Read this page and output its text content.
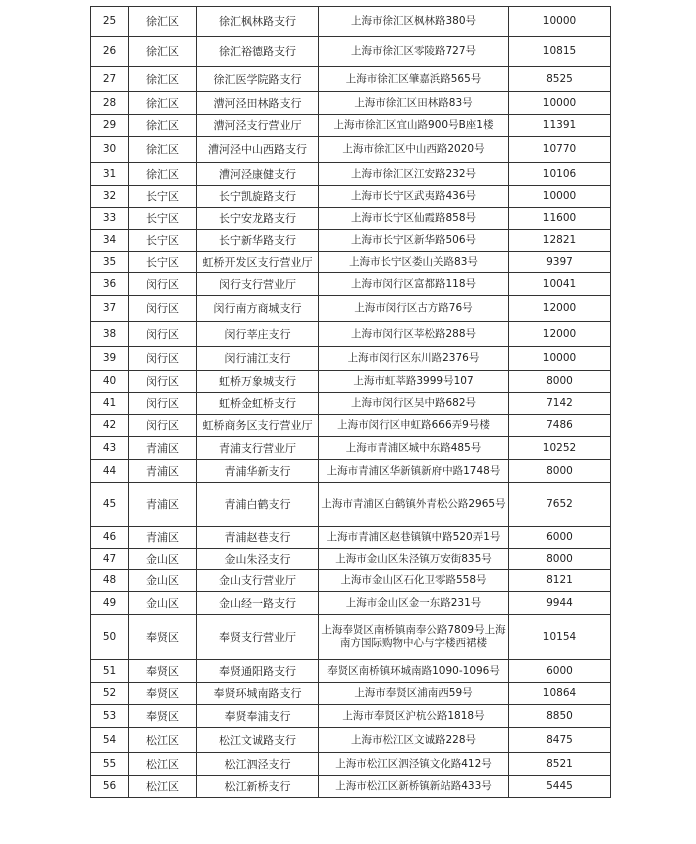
25	徐汇区	徐汇枫林路支行	上海市徐汇区枫林路380号	10000
26	徐汇区	徐汇裕德路支行	上海市徐汇区零陵路727号	10815
27	徐汇区	徐汇医学院路支行	上海市徐汇区肇嘉浜路565号	8525
28	徐汇区	漕河泾田林路支行	上海市徐汇区田林路83号	10000
29	徐汇区	漕河泾支行营业厅	上海市徐汇区宜山路900号B座1楼	11391
30	徐汇区	漕河泾中山西路支行	上海市徐汇区中山西路2020号	10770
31	徐汇区	漕河泾康健支行	上海市徐汇区江安路232号	10106
32	长宁区	长宁凯旋路支行	上海市长宁区武夷路436号	10000
33	长宁区	长宁安龙路支行	上海市长宁区仙霞路858号	11600
34	长宁区	长宁新华路支行	上海市长宁区新华路506号	12821
35	长宁区	虹桥开发区支行营业厅	上海市长宁区娄山关路83号	9397
36	闵行区	闵行支行营业厅	上海市闵行区富都路118号	10041
37	闵行区	闵行南方商城支行	上海市闵行区古方路76号	12000
38	闵行区	闵行莘庄支行	上海市闵行区莘松路288号	12000
39	闵行区	闵行浦江支行	上海市闵行区东川路2376号	10000
40	闵行区	虹桥万象城支行	上海市虹莘路3999号107	8000
41	闵行区	虹桥金虹桥支行	上海市闵行区吴中路682号	7142
42	闵行区	虹桥商务区支行营业厅	上海市闵行区申虹路666弄9号楼	7486
43	青浦区	青浦支行营业厅	上海市青浦区城中东路485号	10252
44	青浦区	青浦华新支行	上海市青浦区华新镇新府中路1748号	8000
45	青浦区	青浦白鹤支行	上海市青浦区白鹤镇外青松公路2965号	7652
46	青浦区	青浦赵巷支行	上海市青浦区赵巷镇镇中路520弄1号	6000
47	金山区	金山朱泾支行	上海市金山区朱泾镇万安街835号	8000
48	金山区	金山支行营业厅	上海市金山区石化卫零路558号	8121
49	金山区	金山经一路支行	上海市金山区金一东路231号	9944
50	奉贤区	奉贤支行营业厅	上海奉贤区南桥镇南奉公路7809号上海南方国际购物中心与字楼西裙楼	10154
51	奉贤区	奉贤通阳路支行	奉贤区南桥镇环城南路1090-1096号	6000
52	奉贤区	奉贤环城南路支行	上海市奉贤区浦南西59号	10864
53	奉贤区	奉贤奉浦支行	上海市奉贤区沪杭公路1818号	8850
54	松江区	松江文诚路支行	上海市松江区文诚路228号	8475
55	松江区	松江泗泾支行	上海市松江区泗泾镇文化路412号	8521
56	松江区	松江新桥支行	上海市松江区新桥镇新站路433号	5445
